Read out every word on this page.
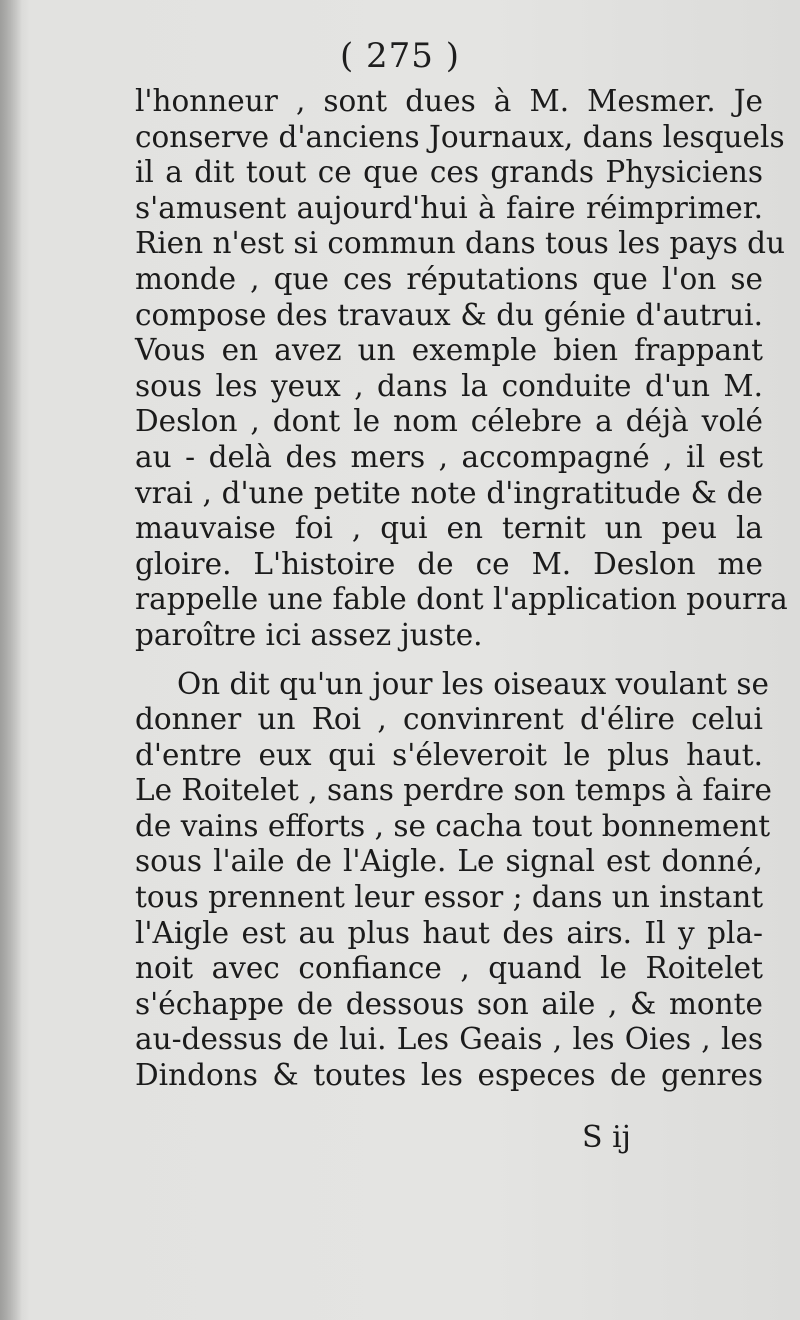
( 275 )
l'honneur , sont dues à M. Mesmer. Je
conserve d'anciens Journaux, dans lesquels
il a dit tout ce que ces grands Physiciens
s'amusent aujourd'hui à faire réimprimer.
Rien n'est si commun dans tous les pays du
monde , que ces réputations que l'on se
compose des travaux & du génie d'autrui.
Vous en avez un exemple bien frappant
sous les yeux , dans la conduite d'un M.
Deslon , dont le nom célebre a déjà volé
au - delà des mers , accompagné , il est
vrai , d'une petite note d'ingratitude & de
mauvaise foi , qui en ternit un peu la
gloire. L'histoire de ce M. Deslon me
rappelle une fable dont l'application pourra
paroître ici assez juste.
On dit qu'un jour les oiseaux voulant se
donner un Roi , convinrent d'élire celui
d'entre eux qui s'éleveroit le plus haut.
Le Roitelet , sans perdre son temps à faire
de vains efforts , se cacha tout bonnement
sous l'aile de l'Aigle. Le signal est donné,
tous prennent leur essor ; dans un instant
l'Aigle est au plus haut des airs. Il y pla-
noit avec confiance , quand le Roitelet
s'échappe de dessous son aile , & monte
au-dessus de lui. Les Geais , les Oies , les
Dindons & toutes les especes de genres
S ij
